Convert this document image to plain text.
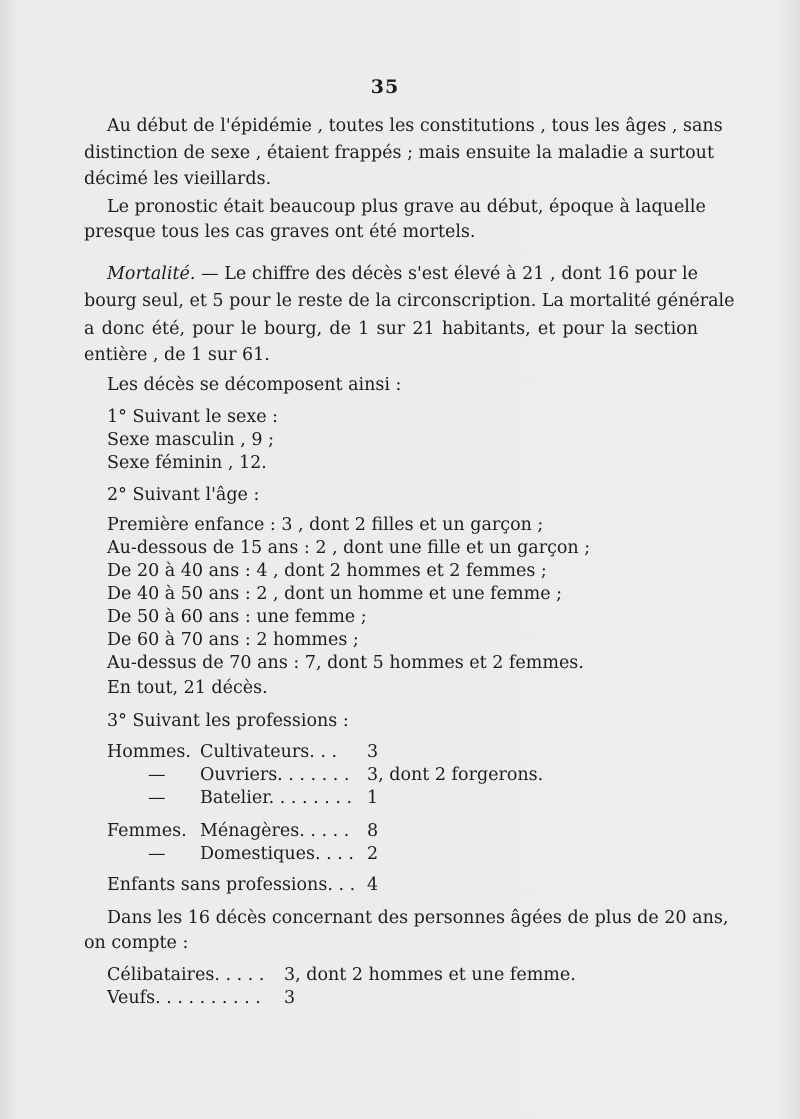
35
Au début de l'épidémie , toutes les constitutions , tous les âges , sans
distinction de sexe , étaient frappés ; mais ensuite la maladie a surtout
décimé les vieillards.
Le pronostic était beaucoup plus grave au début, époque à laquelle
presque tous les cas graves ont été mortels.
Mortalité. — Le chiffre des décès s'est élevé à 21 , dont 16 pour le
bourg seul, et 5 pour le reste de la circonscription. La mortalité générale
a donc été, pour le bourg, de 1 sur 21 habitants, et pour la section
entière , de 1 sur 61.
Les décès se décomposent ainsi :
1° Suivant le sexe :
Sexe masculin , 9 ;
Sexe féminin , 12.
2° Suivant l'âge :
Première enfance : 3 , dont 2 filles et un garçon ;
Au-dessous de 15 ans : 2 , dont une fille et un garçon ;
De 20 à 40 ans : 4 , dont 2 hommes et 2 femmes ;
De 40 à 50 ans : 2 , dont un homme et une femme ;
De 50 à 60 ans : une femme ;
De 60 à 70 ans : 2 hommes ;
Au-dessus de 70 ans : 7, dont 5 hommes et 2 femmes.
En tout, 21 décès.
3° Suivant les professions :
Hommes. Cultivateurs. . . 3
— Ouvriers. . . . . . . 3, dont 2 forgerons.
— Batelier. . . . . . . . 1
Femmes. Ménagères. . . . . 8
— Domestiques. . . . 2
Enfants sans professions. . . 4
Dans les 16 décès concernant des personnes âgées de plus de 20 ans,
on compte :
Célibataires. . . . . 3, dont 2 hommes et une femme.
Veufs. . . . . . . . . . 3
